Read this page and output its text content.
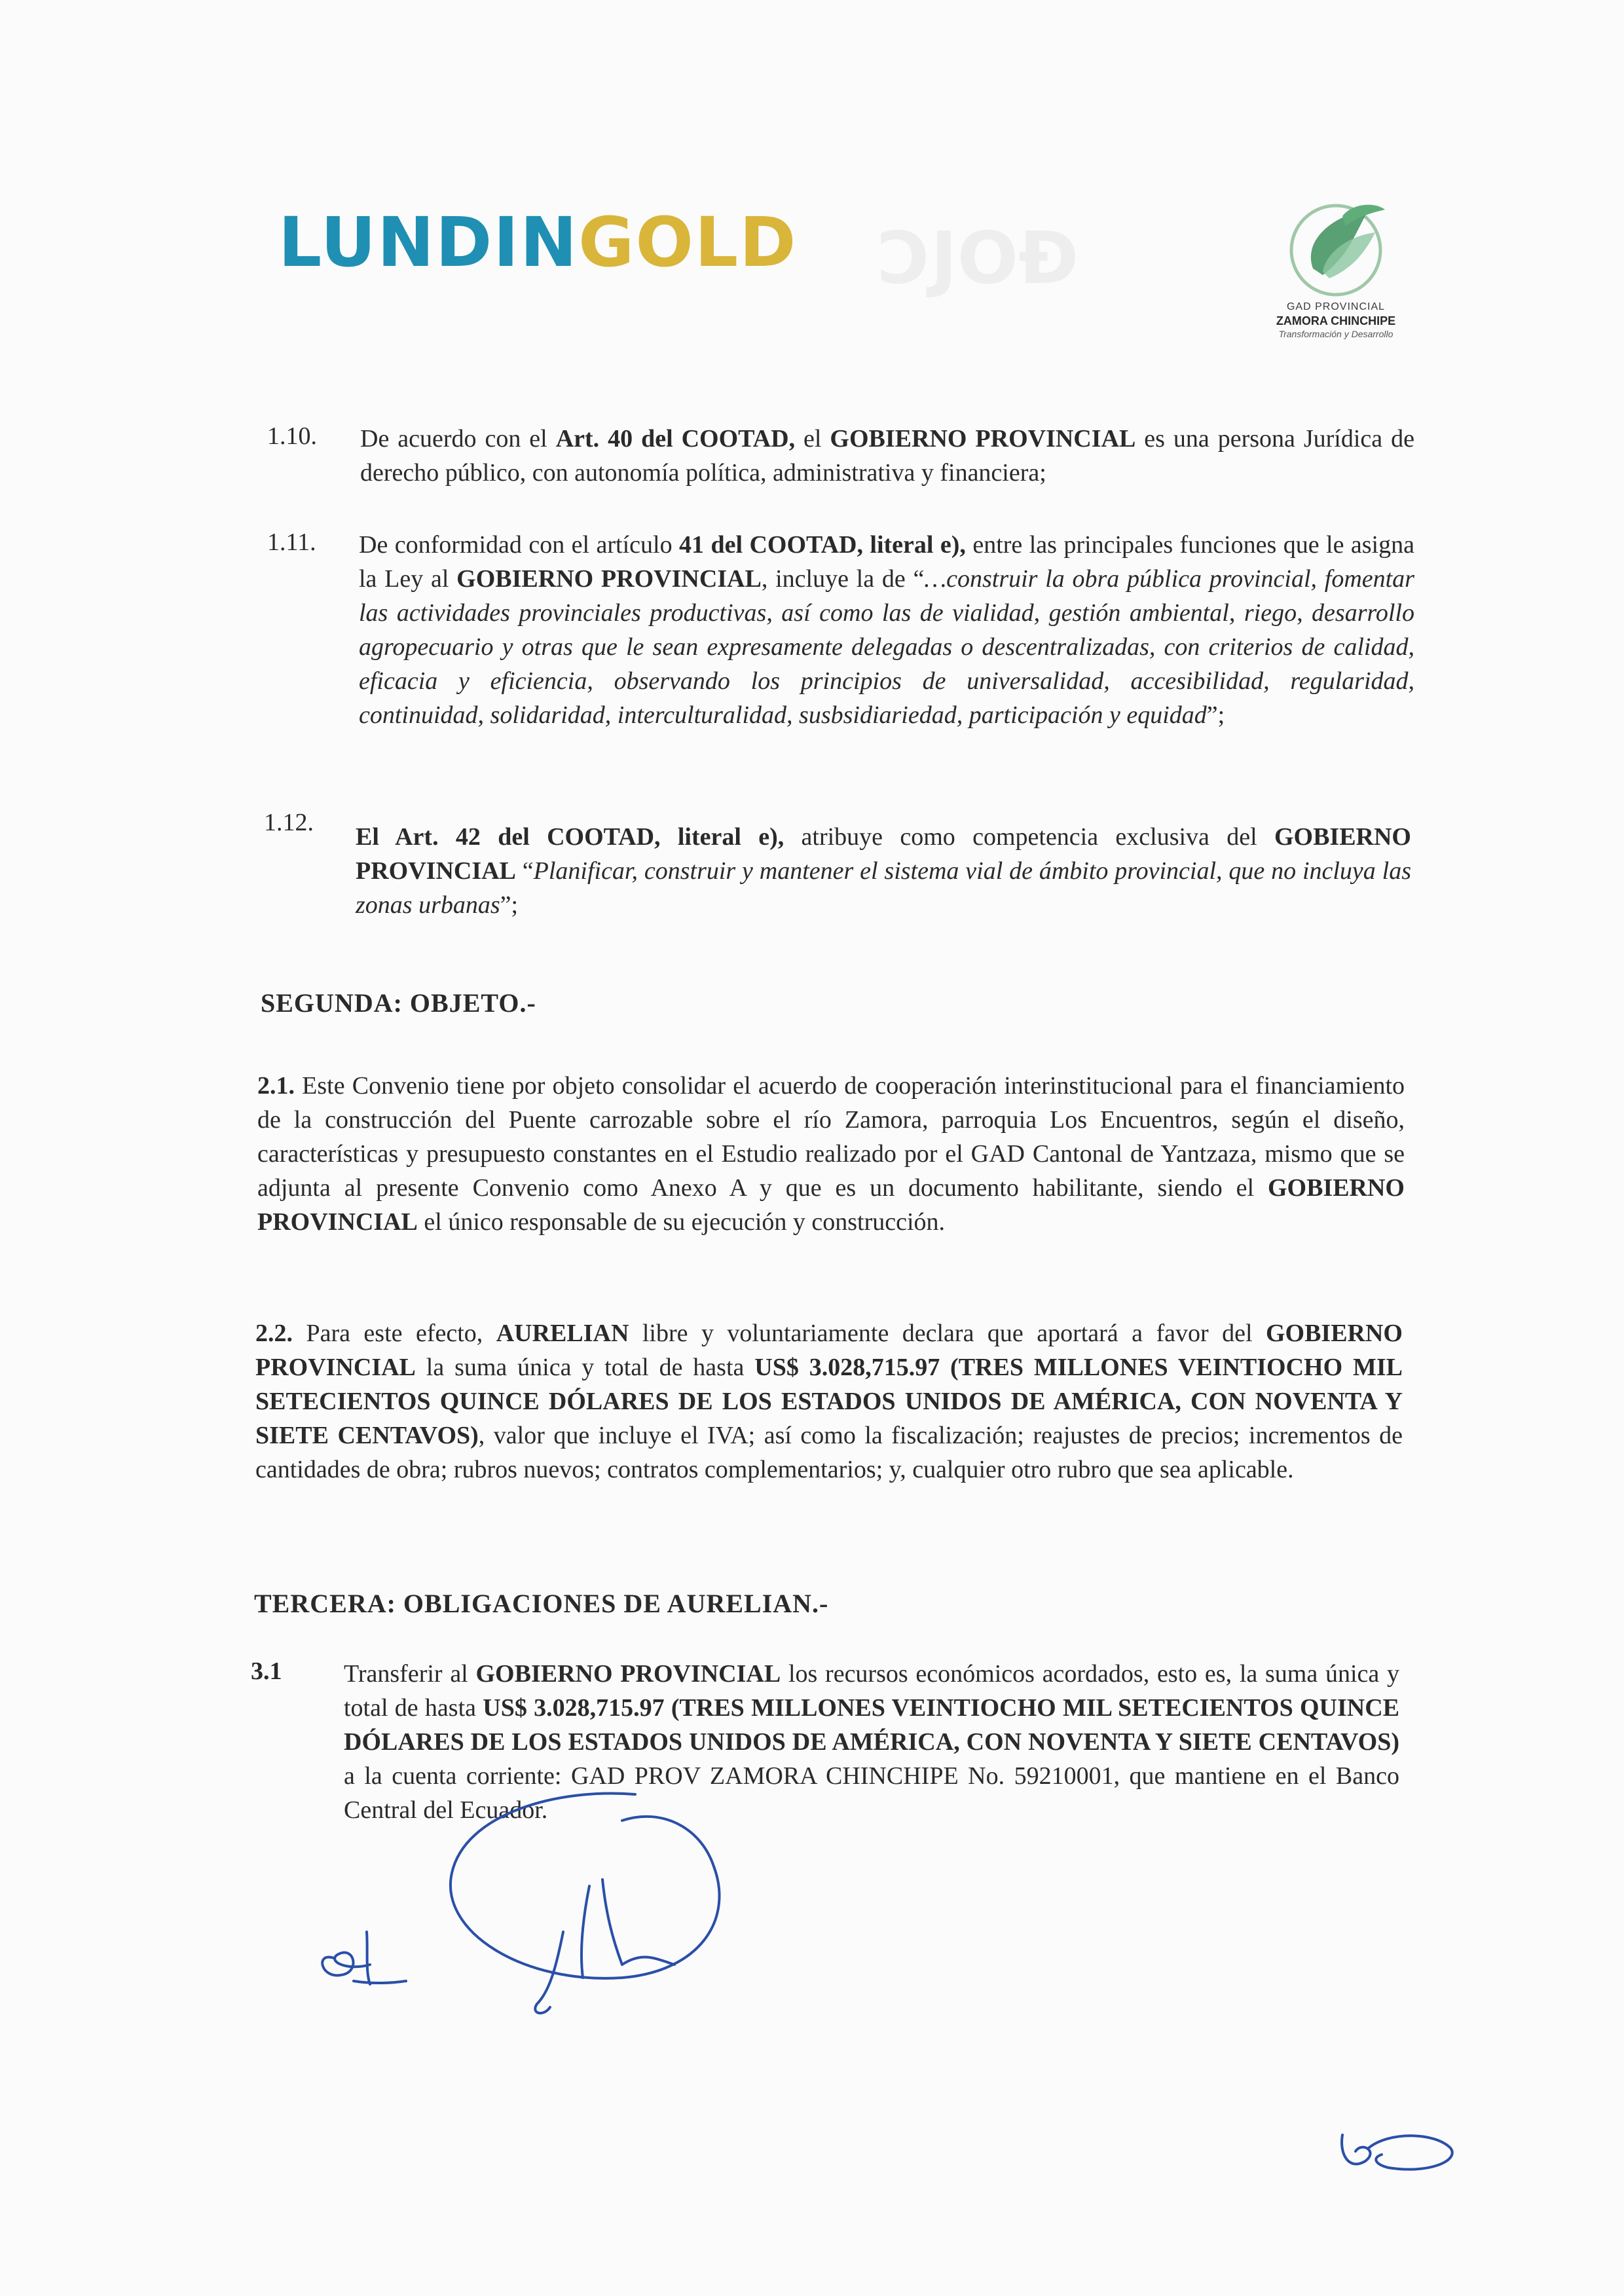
ƆJOĐ
LUNDINGOLD
GAD PROVINCIAL
ZAMORA CHINCHIPE
Transformación y Desarrollo
1.10. De acuerdo con el Art. 40 del COOTAD, el GOBIERNO PROVINCIAL es una persona Jurídica de derecho público, con autonomía política, administrativa y financiera;
1.11. De conformidad con el artículo 41 del COOTAD, literal e), entre las principales funciones que le asigna la Ley al GOBIERNO PROVINCIAL, incluye la de “…construir la obra pública provincial, fomentar las actividades provinciales productivas, así como las de vialidad, gestión ambiental, riego, desarrollo agropecuario y otras que le sean expresamente delegadas o descentralizadas, con criterios de calidad, eficacia y eficiencia, observando los principios de universalidad, accesibilidad, regularidad, continuidad, solidaridad, interculturalidad, susbsidiariedad, participación y equidad”;
1.12.
El Art. 42 del COOTAD, literal e), atribuye como competencia exclusiva del GOBIERNO PROVINCIAL “Planificar, construir y mantener el sistema vial de ámbito provincial, que no incluya las zonas urbanas”;
SEGUNDA: OBJETO.-
2.1. Este Convenio tiene por objeto consolidar el acuerdo de cooperación interinstitucional para el financiamiento de la construcción del Puente carrozable sobre el río Zamora, parroquia Los Encuentros, según el diseño, características y presupuesto constantes en el Estudio realizado por el GAD Cantonal de Yantzaza, mismo que se adjunta al presente Convenio como Anexo A y que es un documento habilitante, siendo el GOBIERNO PROVINCIAL el único responsable de su ejecución y construcción.
2.2. Para este efecto, AURELIAN libre y voluntariamente declara que aportará a favor del GOBIERNO PROVINCIAL la suma única y total de hasta US$ 3.028,715.97 (TRES MILLONES VEINTIOCHO MIL SETECIENTOS QUINCE DÓLARES DE LOS ESTADOS UNIDOS DE AMÉRICA, CON NOVENTA Y SIETE CENTAVOS), valor que incluye el IVA; así como la fiscalización; reajustes de precios; incrementos de cantidades de obra; rubros nuevos; contratos complementarios; y, cualquier otro rubro que sea aplicable.
TERCERA: OBLIGACIONES DE AURELIAN.-
3.1 Transferir al GOBIERNO PROVINCIAL los recursos económicos acordados, esto es, la suma única y total de hasta US$ 3.028,715.97 (TRES MILLONES VEINTIOCHO MIL SETECIENTOS QUINCE DÓLARES DE LOS ESTADOS UNIDOS DE AMÉRICA, CON NOVENTA Y SIETE CENTAVOS) a la cuenta corriente: GAD PROV ZAMORA CHINCHIPE No. 59210001, que mantiene en el Banco Central del Ecuador.
